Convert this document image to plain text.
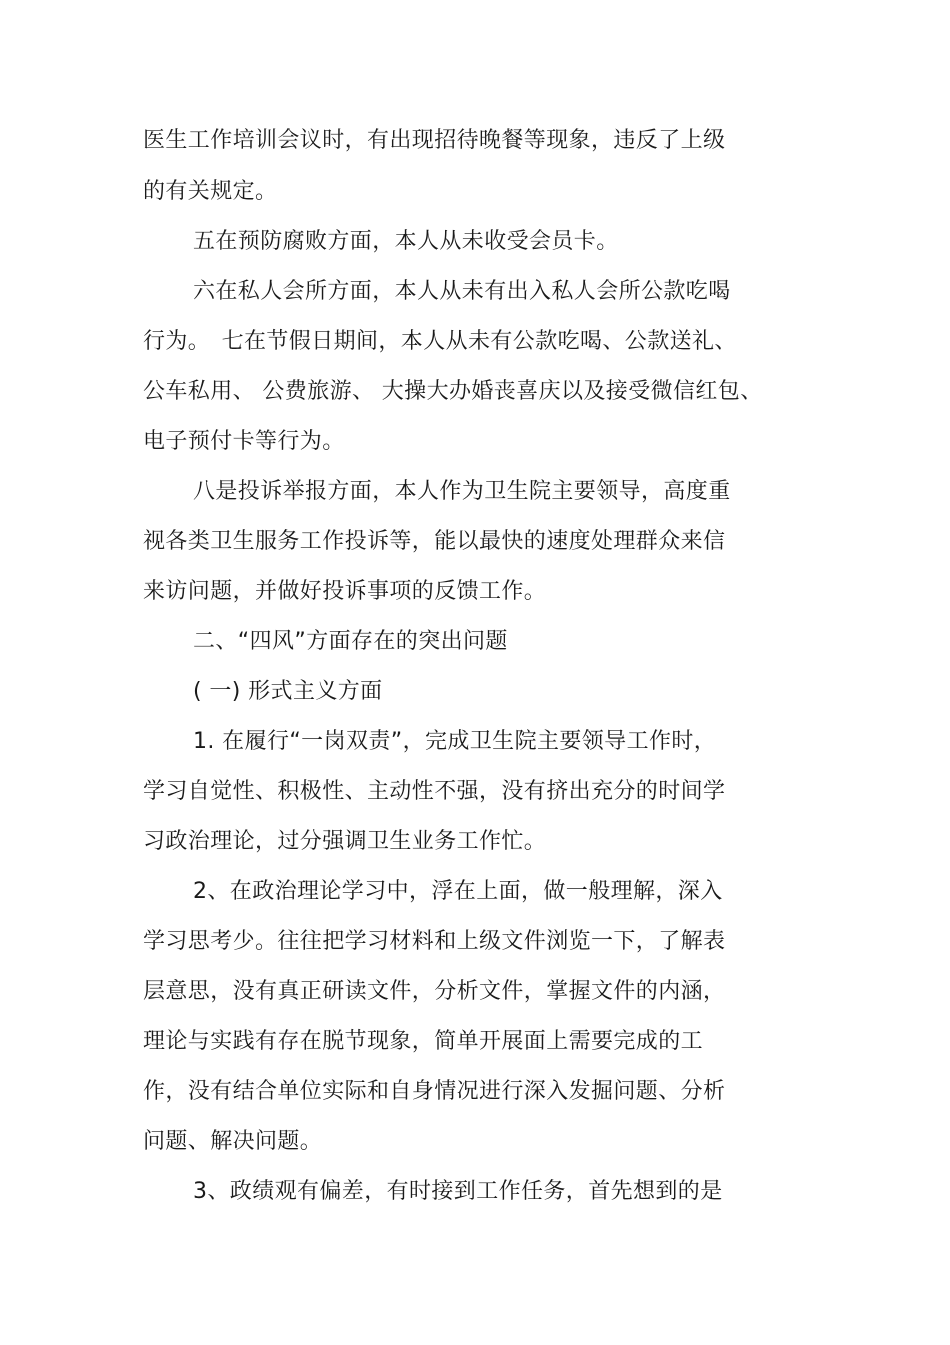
医生工作培训会议时，有出现招待晚餐等现象，违反了上级
的有关规定。
五在预防腐败方面，本人从未收受会员卡。
六在私人会所方面，本人从未有出入私人会所公款吃喝
行为。　七在节假日期间，本人从未有公款吃喝、公款送礼、
公车私用、 公费旅游、 大操大办婚丧喜庆以及接受微信红包、
电子预付卡等行为。
八是投诉举报方面，本人作为卫生院主要领导，高度重
视各类卫生服务工作投诉等，能以最快的速度处理群众来信
来访问题，并做好投诉事项的反馈工作。
二、“四风”方面存在的突出问题
( 一) 形式主义方面
1. 在履行“一岗双责”，完成卫生院主要领导工作时，
学习自觉性、积极性、主动性不强，没有挤出充分的时间学
习政治理论，过分强调卫生业务工作忙。
2、在政治理论学习中，浮在上面，做一般理解，深入
学习思考少。往往把学习材料和上级文件浏览一下，了解表
层意思，没有真正研读文件，分析文件，掌握文件的内涵，
理论与实践有存在脱节现象，简单开展面上需要完成的工
作，没有结合单位实际和自身情况进行深入发掘问题、分析
问题、解决问题。
3、政绩观有偏差，有时接到工作任务，首先想到的是
